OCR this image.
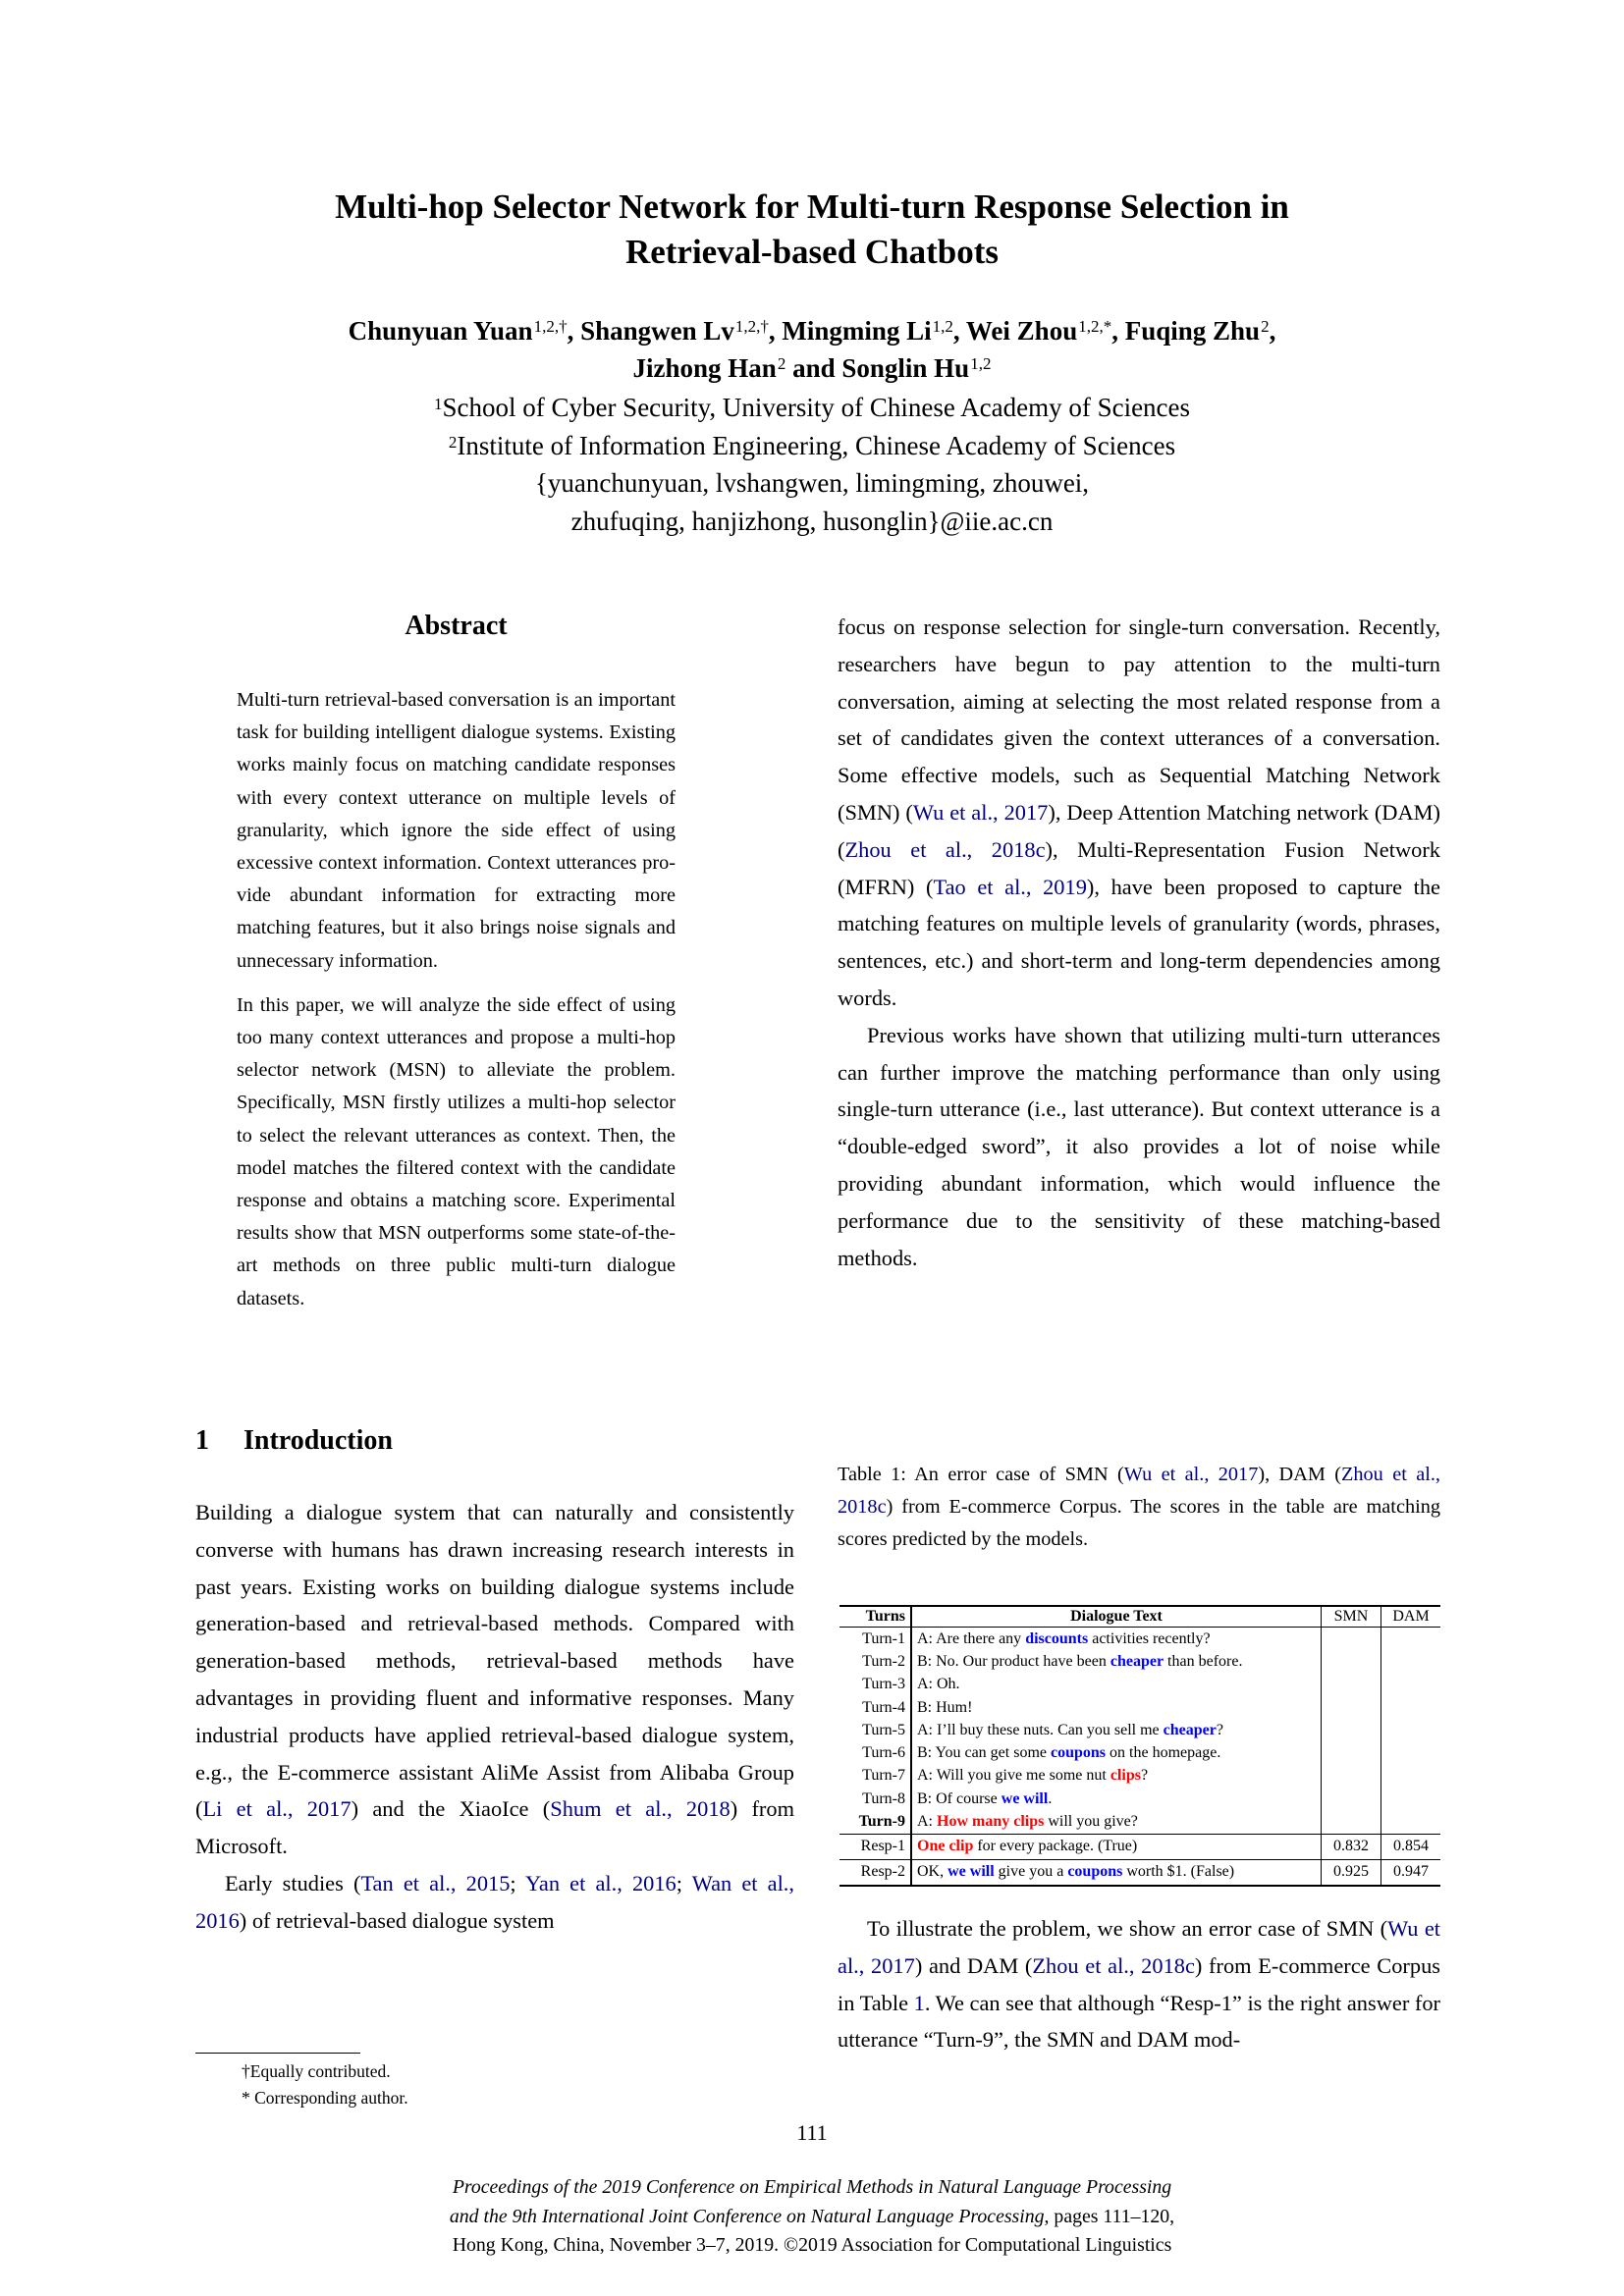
Multi-hop Selector Network for Multi-turn Response Selection in
Retrieval-based Chatbots
Chunyuan Yuan$^{1,2,\dagger}$, Shangwen $Lv^{1,2,\dagger}$, Mingming Li$^{1,2}$, Wei Zhou$^{1,2,*}$, Fuqing Zhu$^2$,
Jizhong Han$^2$ and Songlin Hu$^{1,2}$
$^1$School of Cyber Security, University of Chinese Academy of Sciences
$^2$Institute of Information Engineering, Chinese Academy of Sciences
{yuanchunyuan, lvshangwen, limingming, zhouwei,
zhufuqing, hanjizhong, husonglin}@iie.ac.cn
Abstract

Multi-turn retrieval-based conversation is an important task for building intelligent dialogue systems. Existing works mainly focus on matching candidate responses with every context utterance on multiple levels of granularity, which ignore the side effect of using excessive context information. Context utterances provide abundant information for extracting more matching features, but it also brings noise signals and unnecessary information.

In this paper, we will analyze the side effect of using too many context utterances and propose a multi-hop selector network (MSN) to alleviate the problem. Specifically, MSN firstly utilizes a multi-hop selector to select the relevant utterances as context. Then, the model matches the filtered context with the candidate response and obtains a matching score. Experimental results show that MSN outperforms some state-of-the-art methods on three public multi-turn dialogue datasets.

1 Introduction

Building a dialogue system that can naturally and consistently converse with humans has drawn increasing research interests in past years. Existing works on building dialogue systems include generation-based and retrieval-based methods. Compared with generation-based methods, retrieval-based methods have advantages in providing fluent and informative responses. Many industrial products have applied retrieval-based dialogue system, e.g., the E-commerce assistant AliMe Assist from Alibaba Group (Li et al., 2017) and the XiaoIce (Shum et al., 2018) from Microsoft.

Early studies (Tan et al., 2015; Yan et al., 2016; Wan et al., 2016) of retrieval-based dialogue system

†Equally contributed.
* Corresponding author.

focus on response selection for single-turn conversation. Recently, researchers have begun to pay attention to the multi-turn conversation, aiming at selecting the most related response from a set of candidates given the context utterances of a conversation. Some effective models, such as Sequential Matching Network (SMN) (Wu et al., 2017), Deep Attention Matching network (DAM) (Zhou et al., 2018c), Multi-Representation Fusion Network (MFRN) (Tao et al., 2019), have been proposed to capture the matching features on multiple levels of granularity (words, phrases, sentences, etc.) and short-term and long-term dependencies among words.

Previous works have shown that utilizing multi-turn utterances can further improve the matching performance than only using single-turn utterance (i.e., last utterance). But context utterance is a “double-edged sword”, it also provides a lot of noise while providing abundant information, which would influence the performance due to the sensitivity of these matching-based methods.

Table 1: An error case of SMN (Wu et al., 2017), DAM (Zhou et al., 2018c) from E-commerce Corpus. The scores in the table are matching scores predicted by the models.
Turns	Dialogue Text	SMN	DAM
Turn-1	A: Are there any discounts activities recently?		
Turn-2	B: No. Our product have been cheaper than before.		
Turn-3	A: Oh.		
Turn-4	B: Hum!		
Turn-5	A: I’ll buy these nuts. Can you sell me cheaper?		
Turn-6	B: You can get some coupons on the homepage.		
Turn-7	A: Will you give me some nut clips?		
Turn-8	B: Of course we will.		
Turn-9	A: How many clips will you give?		
Resp-1	One clip for every package. (True)	0.832	0.854
Resp-2	OK, we will give you a coupons worth $1. (False)	0.925	0.947

To illustrate the problem, we show an error case of SMN (Wu et al., 2017) and DAM (Zhou et al., 2018c) from E-commerce Corpus in Table 1. We can see that although “Resp-1” is the right answer for utterance “Turn-9”, the SMN and DAM mod-

111
Proceedings of the 2019 Conference on Empirical Methods in Natural Language Processing
and the 9th International Joint Conference on Natural Language Processing, pages 111–120,
Hong Kong, China, November 3–7, 2019. ©2019 Association for Computational Linguistics
